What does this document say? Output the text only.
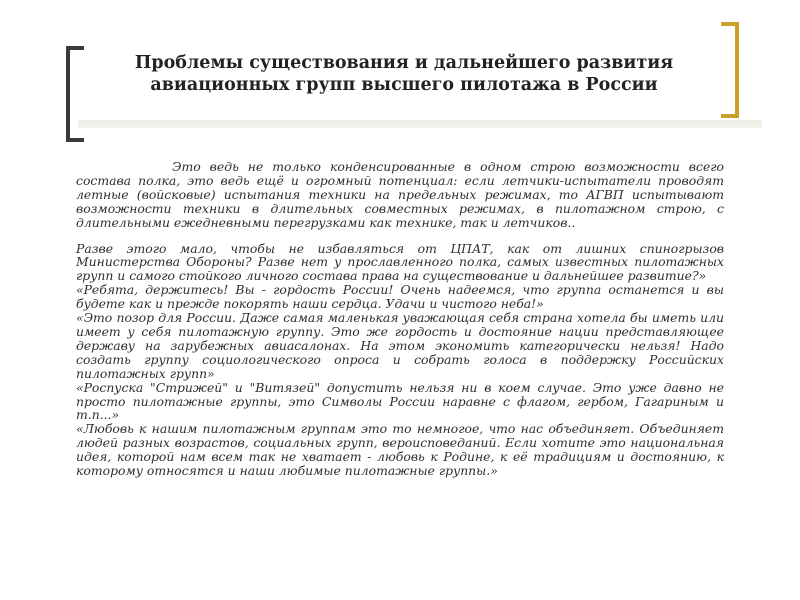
Проблемы существования и дальнейшего развития авиационных групп высшего пилотажа в России

Это ведь не только конденсированные в одном строю возможности всего состава полка, это ведь ещё и огромный потенциал: если летчики-испытатели проводят летные (войсковые) испытания техники на предельных режимах, то АГВП испытывают возможности техники в длительных совместных режимах, в пилотажном строю, с длительными ежедневными перегрузками как технике, так и летчиков..

Разве этого мало, чтобы не избавляться от ЦПАТ, как от лишних спиногрызов Министерства Обороны? Разве нет у прославленного полка, самых известных пилотажных групп и самого стойкого личного состава права на существование и дальнейшее развитие?»

«Ребята, держитесь! Вы - гордость России! Очень надеемся, что группа останется и вы будете как и прежде покорять наши сердца. Удачи и чистого неба!»

«Это позор для России. Даже самая маленькая уважающая себя страна хотела бы иметь или имеет у себя пилотажную группу. Это же гордость и достояние нации представляющее державу на зарубежных авиасалонах. На этом экономить категорически нельзя! Надо создать группу социологического опроса и собрать голоса в поддержку Российских пилотажных групп»

«Роспуска "Стрижей" и "Витязей" допустить нельзя ни в коем случае. Это уже давно не просто пилотажные группы, это Символы России наравне с флагом, гербом, Гагариным и т.п...»

«Любовь к нашим пилотажным группам это то немногое, что нас объединяет. Объединяет людей разных возрастов, социальных групп, вероисповеданий. Если хотите это национальная идея, которой нам всем так не хватает - любовь к Родине, к её традициям и достоянию, к которому относятся и наши любимые пилотажные группы.»
